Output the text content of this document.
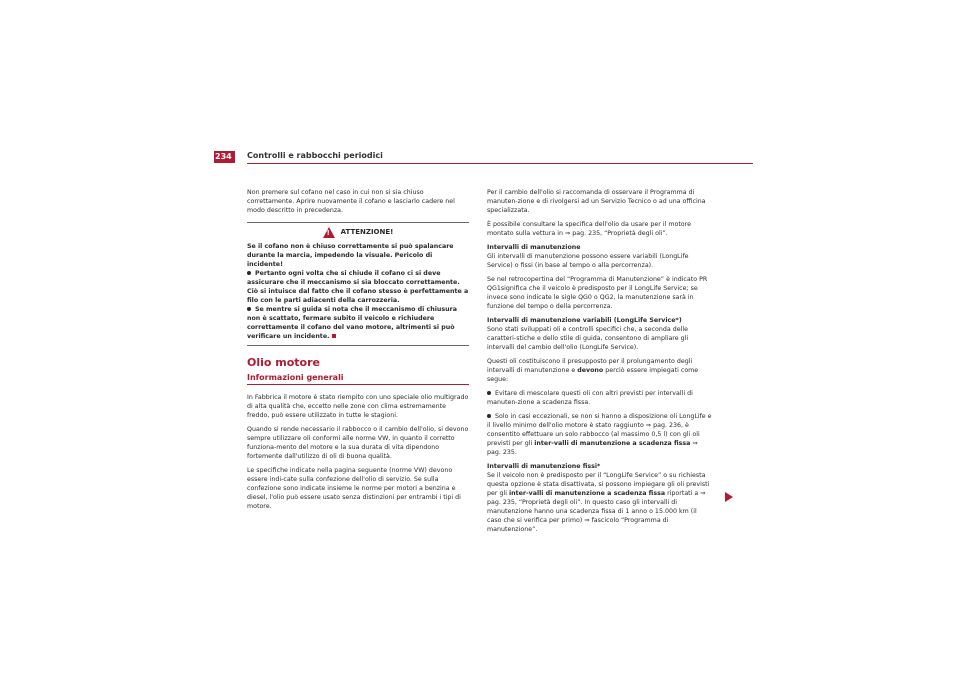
234	Controlli e rabbocchi periodici

Non premere sul cofano nel caso in cui non si sia chiuso correttamente. Aprire nuovamente il cofano e lasciarlo cadere nel modo descritto in precedenza.

! ATTENZIONE!

Se il cofano non è chiuso correttamente si può spalancare durante la marcia, impedendo la visuale. Pericolo di incidente!

Pertanto ogni volta che si chiude il cofano ci si deve assicurare che il meccanismo si sia bloccato correttamente. Ciò si intuisce dal fatto che il cofano stesso è perfettamente a filo con le parti adiacenti della carrozzeria.

Se mentre si guida si nota che il meccanismo di chiusura non è scattato, fermare subito il veicolo e richiudere correttamente il cofano del vano motore, altrimenti si può verificare un incidente.

Olio motore
Informazioni generali

In Fabbrica il motore è stato riempito con uno speciale olio multigrado di alta qualità che, eccetto nelle zone con clima estremamente freddo, può essere utilizzato in tutte le stagioni.

Quando si rende necessario il rabbocco o il cambio dell'olio, si devono sempre utilizzare oli conformi alle norme VW, in quanto il corretto funziona-mento del motore e la sua durata di vita dipendono fortemente dall'utilizzo di oli di buona qualità.

Le specifiche indicate nella pagina seguente (norme VW) devono essere indi-cate sulla confezione dell'olio di servizio. Se sulla confezione sono indicate insieme le norme per motori a benzina e diesel, l'olio può essere usato senza distinzioni per entrambi i tipi di motore.

Per il cambio dell'olio si raccomanda di osservare il Programma di manuten-zione e di rivolgersi ad un Servizio Tecnico o ad una officina specializzata.

È possibile consultare la specifica dell'olio da usare per il motore montato sulla vettura in ⇒ pag. 235, “Proprietà degli oli”.

Intervalli di manutenzione

Gli intervalli di manutenzione possono essere variabili (LongLife Service) o fissi (in base al tempo o alla percorrenza).

Se nel retrocopertina del “Programma di Manutenzione” è indicato PR QG1significa che il veicolo è predisposto per il LongLife Service; se invece sono indicate le sigle QG0 o QG2, la manutenzione sarà in funzione del tempo o della percorrenza.

Intervalli di manutenzione variabili (LongLife Service*)

Sono stati sviluppati oli e controlli specifici che, a seconda delle caratteri-stiche e dello stile di guida, consentono di ampliare gli intervalli del cambio dell'olio (LongLife Service).

Questi oli costituiscono il presupposto per il prolungamento degli intervalli di manutenzione e devono perciò essere impiegati come segue:

Evitare di mescolare questi oli con altri previsti per intervalli di manuten-zione a scadenza fissa.

Solo in casi eccezionali, se non si hanno a disposizione oli LongLife e il livello minimo dell'olio motore è stato raggiunto ⇒ pag. 236, è consentito effettuare un solo rabbocco (al massimo 0,5 l) con gli oli previsti per gli inter-valli di manutenzione a scadenza fissa ⇒ pag. 235.

Intervalli di manutenzione fissi*

Se il veicolo non è predisposto per il “LongLife Service” o su richiesta questa opzione è stata disattivata, si possono impiegare gli oli previsti per gli inter-valli di manutenzione a scadenza fissa riportati a ⇒ pag. 235, “Proprietà degli oli”. In questo caso gli intervalli di manutenzione hanno una scadenza fissa di 1 anno o 15.000 km (il caso che si verifica per primo) ⇒ fascicolo “Programma di manutenzione”.
